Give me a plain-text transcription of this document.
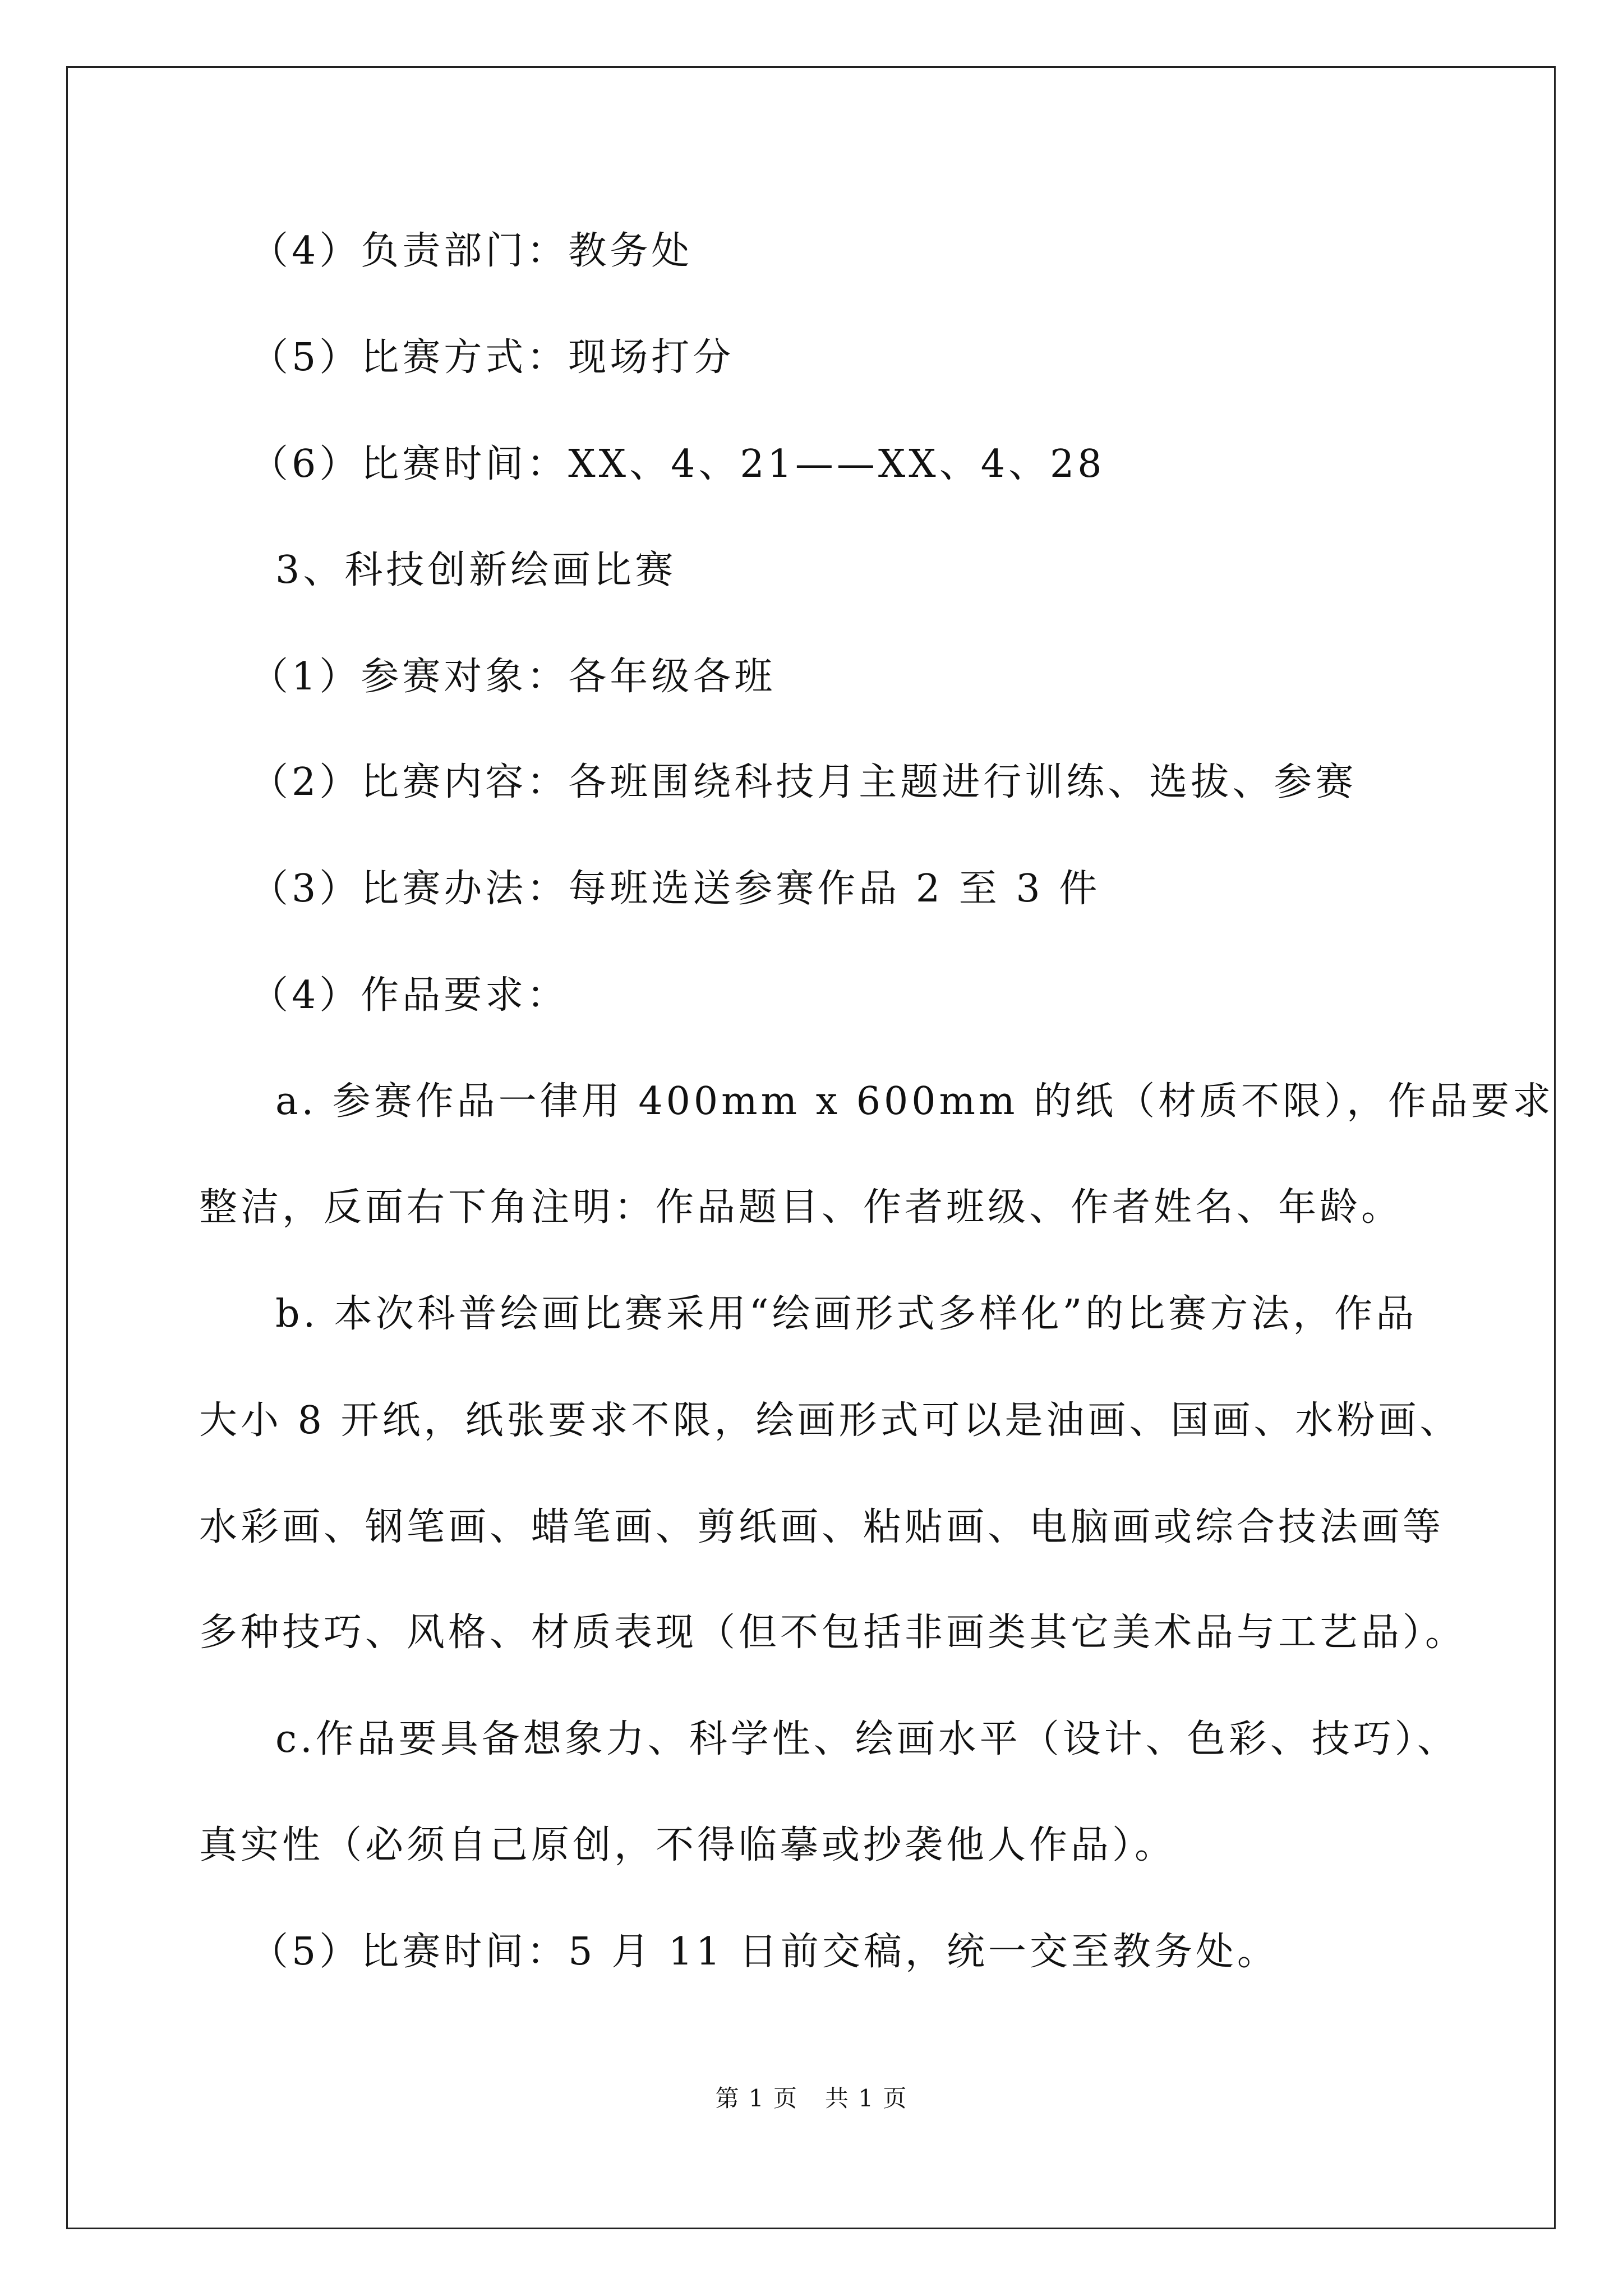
（4）负责部门：教务处
（5）比赛方式：现场打分
（6）比赛时间：XX、4、21——XX、4、28
3、科技创新绘画比赛
（1）参赛对象：各年级各班
（2）比赛内容：各班围绕科技月主题进行训练、选拔、参赛
（3）比赛办法：每班选送参赛作品 2 至 3 件
（4）作品要求：
a. 参赛作品一律用 400mm x 600mm 的纸（材质不限），作品要求
整洁，反面右下角注明：作品题目、作者班级、作者姓名、年龄。
b. 本次科普绘画比赛采用“绘画形式多样化”的比赛方法，作品
大小 8 开纸，纸张要求不限，绘画形式可以是油画、国画、水粉画、
水彩画、钢笔画、蜡笔画、剪纸画、粘贴画、电脑画或综合技法画等
多种技巧、风格、材质表现（但不包括非画类其它美术品与工艺品）。
c.作品要具备想象力、科学性、绘画水平（设计、色彩、技巧）、
真实性（必须自己原创，不得临摹或抄袭他人作品）。
（5）比赛时间：5 月 11 日前交稿，统一交至教务处。
第 1 页 共 1 页
